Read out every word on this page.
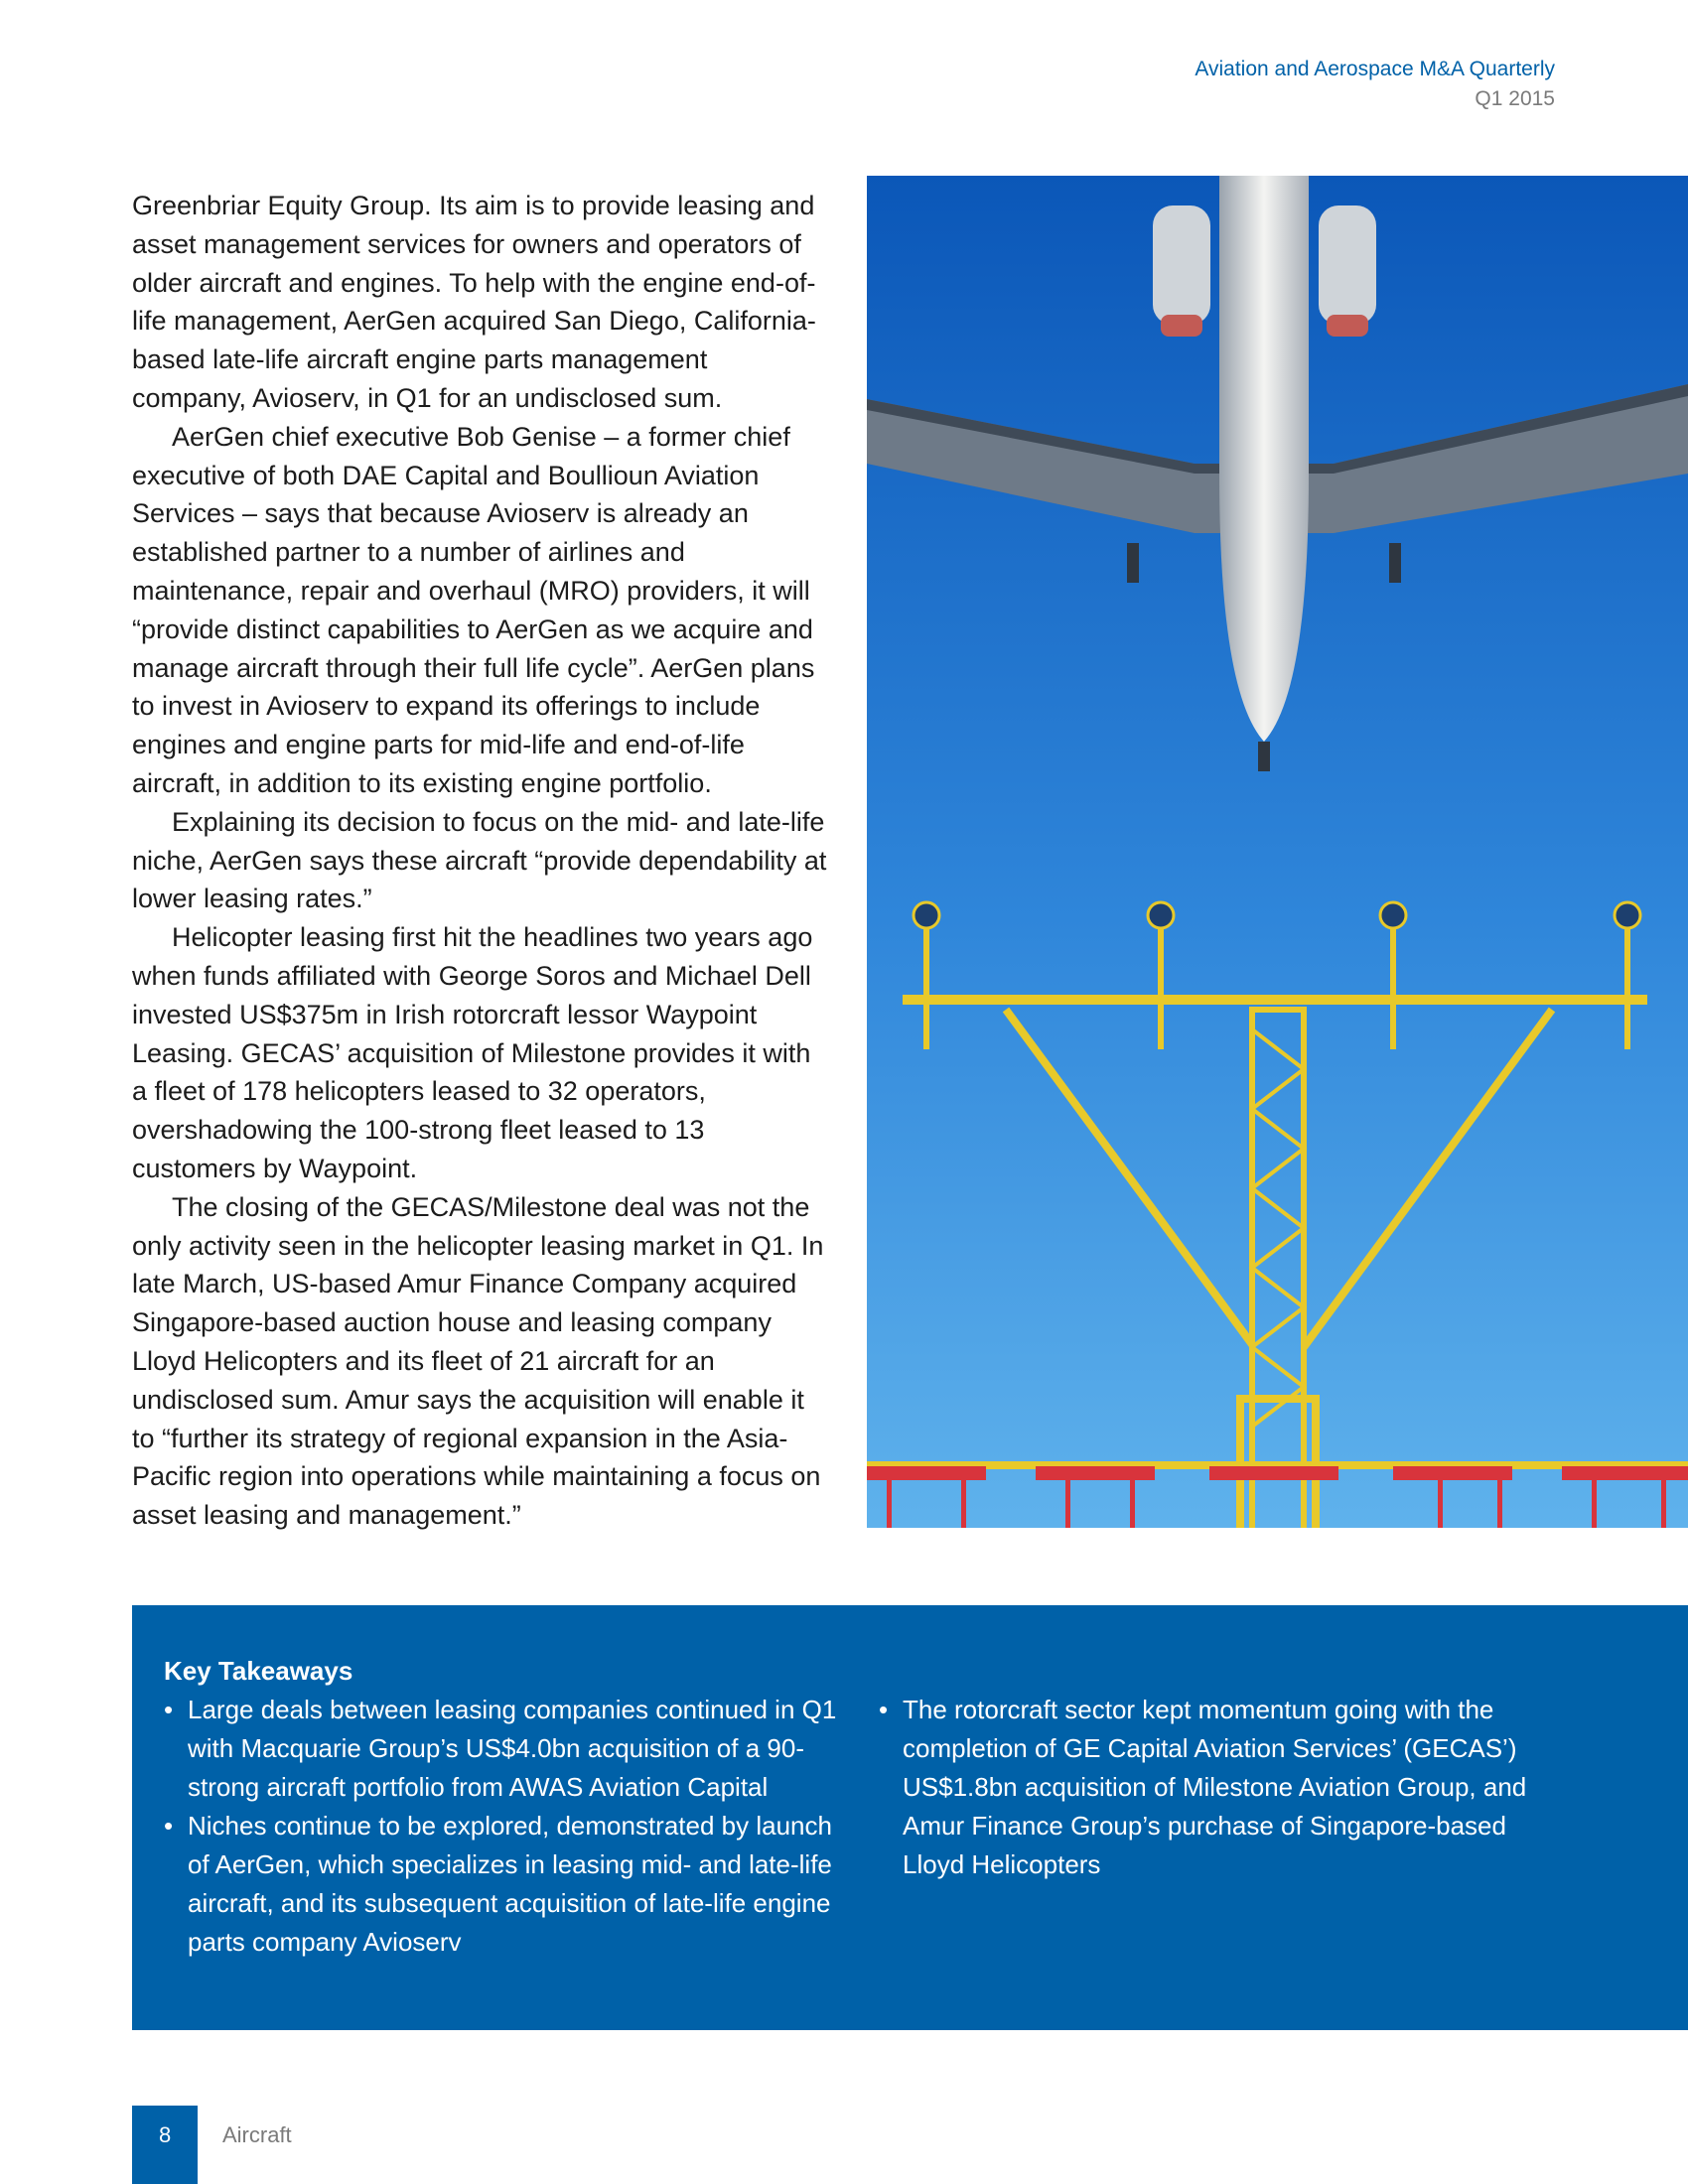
Aviation and Aerospace M&A Quarterly
Q1 2015

Greenbriar Equity Group. Its aim is to provide leasing and asset management services for owners and operators of older aircraft and engines. To help with the engine end-of-life management, AerGen acquired San Diego, California-based late-life aircraft engine parts management company, Avioserv, in Q1 for an undisclosed sum.

AerGen chief executive Bob Genise – a former chief executive of both DAE Capital and Boullioun Aviation Services – says that because Avioserv is already an established partner to a number of airlines and maintenance, repair and overhaul (MRO) providers, it will “provide distinct capabilities to AerGen as we acquire and manage aircraft through their full life cycle”. AerGen plans to invest in Avioserv to expand its offerings to include engines and engine parts for mid-life and end-of-life aircraft, in addition to its existing engine portfolio.

Explaining its decision to focus on the mid- and late-life niche, AerGen says these aircraft “provide dependability at lower leasing rates.”

Helicopter leasing first hit the headlines two years ago when funds affiliated with George Soros and Michael Dell invested US$375m in Irish rotorcraft lessor Waypoint Leasing. GECAS’ acquisition of Milestone provides it with a fleet of 178 helicopters leased to 32 operators, overshadowing the 100-strong fleet leased to 13 customers by Waypoint.

The closing of the GECAS/Milestone deal was not the only activity seen in the helicopter leasing market in Q1. In late March, US-based Amur Finance Company acquired Singapore-based auction house and leasing company Lloyd Helicopters and its fleet of 21 aircraft for an undisclosed sum. Amur says the acquisition will enable it to “further its strategy of regional expansion in the Asia-Pacific region into operations while maintaining a focus on asset leasing and management.”

Key Takeaways
• Large deals between leasing companies continued in Q1 with Macquarie Group’s US$4.0bn acquisition of a 90-strong aircraft portfolio from AWAS Aviation Capital
• Niches continue to be explored, demonstrated by launch of AerGen, which specializes in leasing mid- and late-life aircraft, and its subsequent acquisition of late-life engine parts company Avioserv
• The rotorcraft sector kept momentum going with the completion of GE Capital Aviation Services’ (GECAS’) US$1.8bn acquisition of Milestone Aviation Group, and Amur Finance Group’s purchase of Singapore-based Lloyd Helicopters
8 Aircraft
